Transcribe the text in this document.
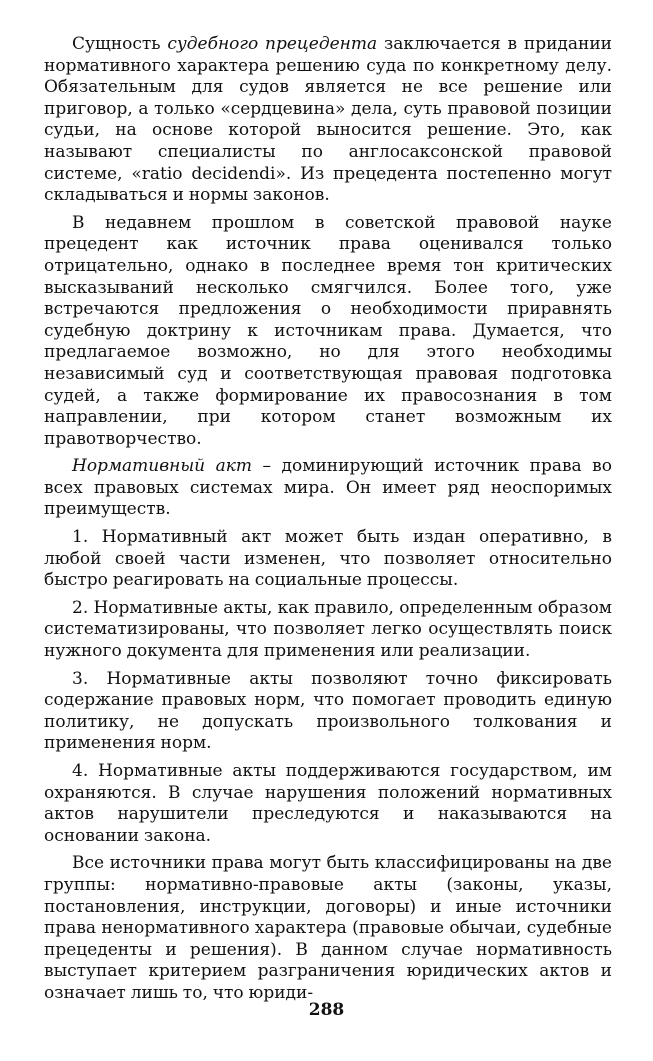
Сущность судебного прецедента заключается в придании нормативного характера решению суда по конкретному делу. Обязательным для судов является не все решение или приговор, а только «сердцевина» дела, суть правовой позиции судьи, на основе которой выносится решение. Это, как называют специалисты по англосаксонской правовой системе, «ratio decidendi». Из прецедента постепенно могут складываться и нормы законов.

В недавнем прошлом в советской правовой науке прецедент как источник права оценивался только отрицательно, однако в последнее время тон критических высказываний несколько смягчился. Более того, уже встречаются предложения о необходимости приравнять судебную доктрину к источникам права. Думается, что предлагаемое возможно, но для этого необходимы независимый суд и соответствующая правовая подготовка судей, а также формирование их правосознания в том направлении, при котором станет возможным их правотворчество.

Нормативный акт – доминирующий источник права во всех правовых системах мира. Он имеет ряд неоспоримых преимуществ.

1. Нормативный акт может быть издан оперативно, в любой своей части изменен, что позволяет относительно быстро реагировать на социальные процессы.

2. Нормативные акты, как правило, определенным образом систематизированы, что позволяет легко осуществлять поиск нужного документа для применения или реализации.

3. Нормативные акты позволяют точно фиксировать содержание правовых норм, что помогает проводить единую политику, не допускать произвольного толкования и применения норм.

4. Нормативные акты поддерживаются государством, им охраняются. В случае нарушения положений нормативных актов нарушители преследуются и наказываются на основании закона.

Все источники права могут быть классифицированы на две группы: нормативно-правовые акты (законы, указы, постановления, инструкции, договоры) и иные источники права ненормативного характера (правовые обычаи, судебные прецеденты и решения). В данном случае нормативность выступает критерием разграничения юридических актов и означает лишь то, что юриди-

288
